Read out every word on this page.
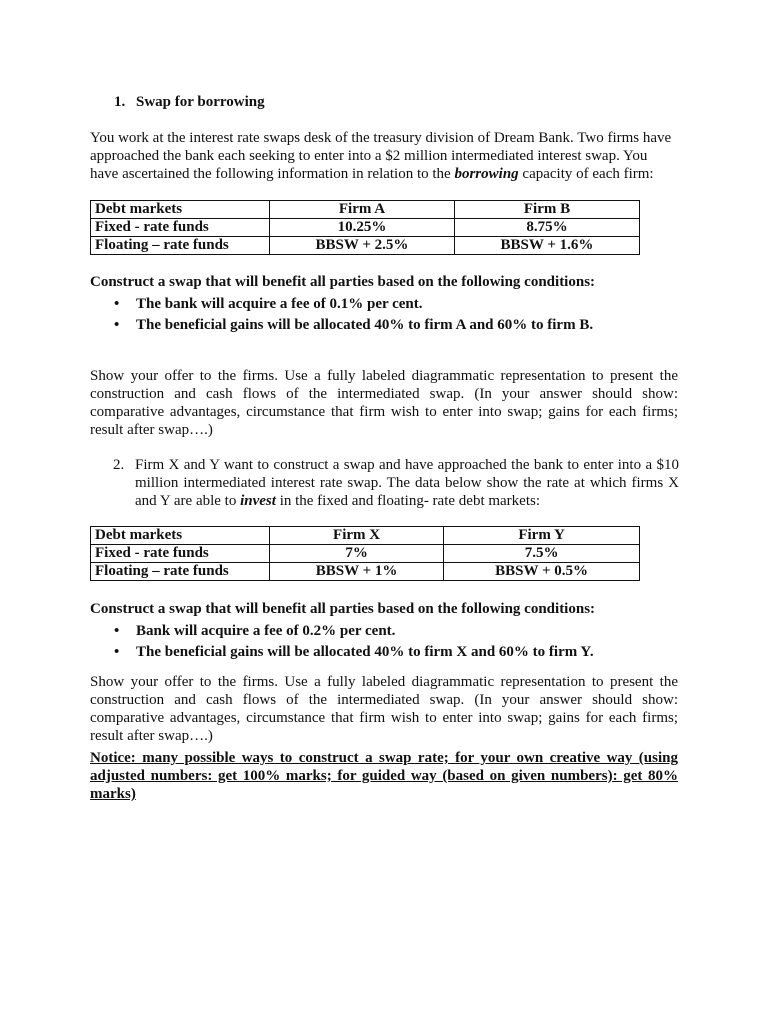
1. Swap for borrowing
You work at the interest rate swaps desk of the treasury division of Dream Bank. Two firms have approached the bank each seeking to enter into a $2 million intermediated interest swap. You have ascertained the following information in relation to the borrowing capacity of each firm:
Debt markets	Firm A	Firm B
Fixed - rate funds	10.25%	8.75%
Floating – rate funds	BBSW + 2.5%	BBSW + 1.6%
Construct a swap that will benefit all parties based on the following conditions:
• The bank will acquire a fee of 0.1% per cent.
• The beneficial gains will be allocated 40% to firm A and 60% to firm B.
Show your offer to the firms. Use a fully labeled diagrammatic representation to present the construction and cash flows of the intermediated swap. (In your answer should show: comparative advantages, circumstance that firm wish to enter into swap; gains for each firms; result after swap….)
2. Firm X and Y want to construct a swap and have approached the bank to enter into a $10 million intermediated interest rate swap. The data below show the rate at which firms X and Y are able to invest in the fixed and floating- rate debt markets:
Debt markets	Firm X	Firm Y
Fixed - rate funds	7%	7.5%
Floating – rate funds	BBSW + 1%	BBSW + 0.5%
Construct a swap that will benefit all parties based on the following conditions:
• Bank will acquire a fee of 0.2% per cent.
• The beneficial gains will be allocated 40% to firm X and 60% to firm Y.
Show your offer to the firms. Use a fully labeled diagrammatic representation to present the construction and cash flows of the intermediated swap. (In your answer should show: comparative advantages, circumstance that firm wish to enter into swap; gains for each firms; result after swap….)
Notice: many possible ways to construct a swap rate; for your own creative way (using adjusted numbers: get 100% marks; for guided way (based on given numbers): get 80% marks)
